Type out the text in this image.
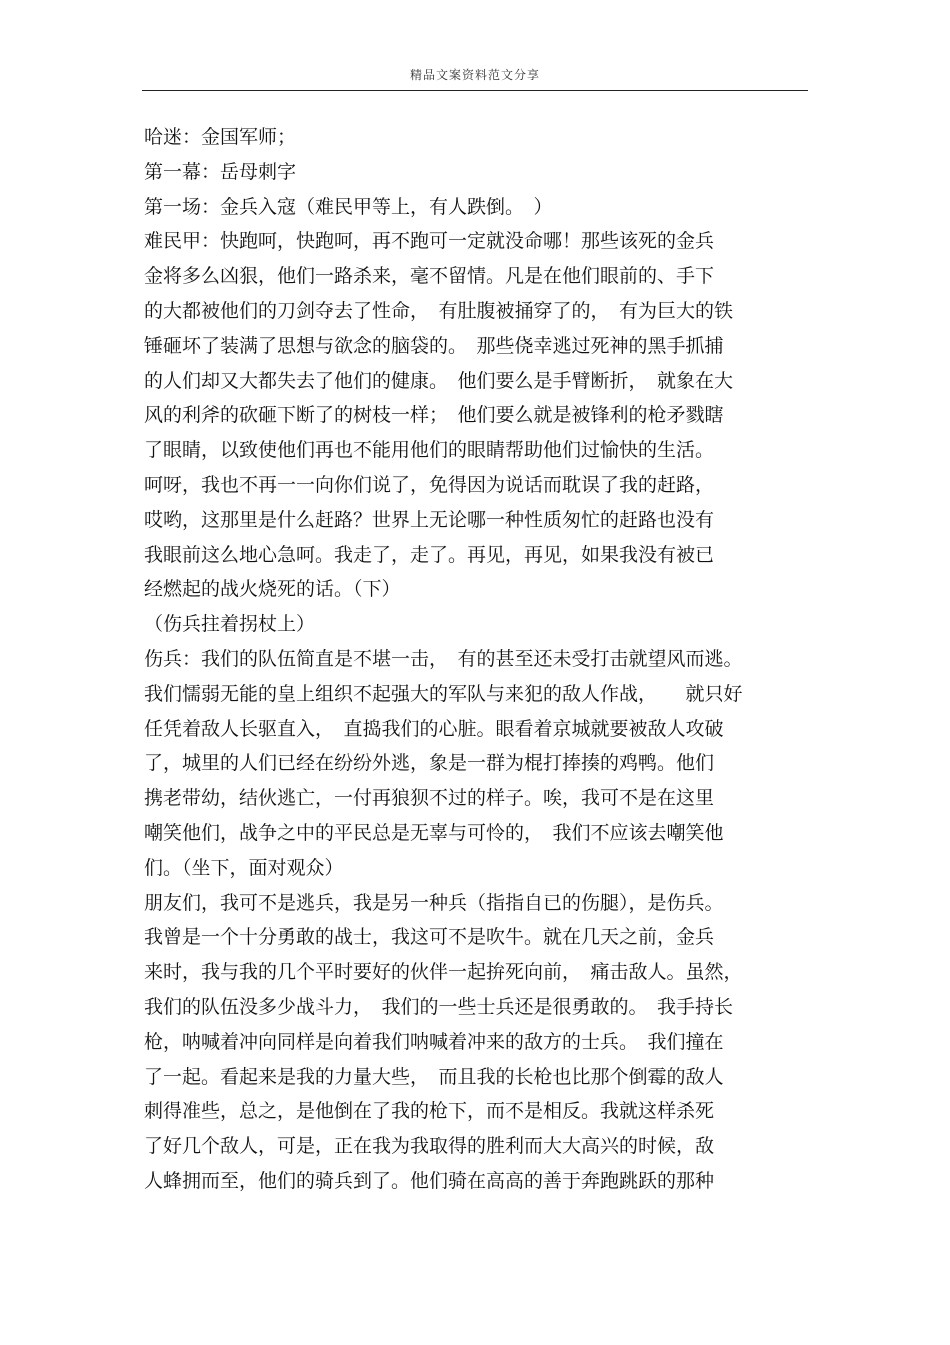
精品文案资料范文分享
哈迷：金国军师；
第一幕：岳母刺字
第一场：金兵入寇（难民甲等上，有人跌倒。　）
难民甲：快跑呵，快跑呵，再不跑可一定就没命哪！那些该死的金兵
金将多么凶狠，他们一路杀来，毫不留情。凡是在他们眼前的、手下
的大都被他们的刀剑夺去了性命，　有肚腹被捅穿了的，　有为巨大的铁
锤砸坏了装满了思想与欲念的脑袋的。　那些侥幸逃过死神的黑手抓捕
的人们却又大都失去了他们的健康。　他们要么是手臂断折，　就象在大
风的利斧的砍砸下断了的树枝一样；　他们要么就是被锋利的枪矛戮瞎
了眼睛，以致使他们再也不能用他们的眼睛帮助他们过愉快的生活。
呵呀，我也不再一一向你们说了，免得因为说话而耽误了我的赶路，
哎哟，这那里是什么赶路？世界上无论哪一种性质匆忙的赶路也没有
我眼前这么地心急呵。我走了，走了。再见，再见，如果我没有被已
经燃起的战火烧死的话。（下）
（伤兵拄着拐杖上）
伤兵：我们的队伍简直是不堪一击，　有的甚至还未受打击就望风而逃。
我们懦弱无能的皇上组织不起强大的军队与来犯的敌人作战，　　就只好
任凭着敌人长驱直入，　直捣我们的心脏。眼看着京城就要被敌人攻破
了，城里的人们已经在纷纷外逃，象是一群为棍打捧揍的鸡鸭。他们
携老带幼，结伙逃亡，一付再狼狈不过的样子。唉，我可不是在这里
嘲笑他们，战争之中的平民总是无辜与可怜的，　我们不应该去嘲笑他
们。（坐下，面对观众）
朋友们，我可不是逃兵，我是另一种兵（指指自已的伤腿），是伤兵。
我曾是一个十分勇敢的战士，我这可不是吹牛。就在几天之前，金兵
来时，我与我的几个平时要好的伙伴一起拚死向前，　痛击敌人。虽然，
我们的队伍没多少战斗力，　我们的一些士兵还是很勇敢的。　我手持长
枪，呐喊着冲向同样是向着我们呐喊着冲来的敌方的士兵。　我们撞在
了一起。看起来是我的力量大些，　而且我的长枪也比那个倒霉的敌人
刺得准些，总之，是他倒在了我的枪下，而不是相反。我就这样杀死
了好几个敌人，可是，正在我为我取得的胜利而大大高兴的时候，敌
人蜂拥而至，他们的骑兵到了。他们骑在高高的善于奔跑跳跃的那种
